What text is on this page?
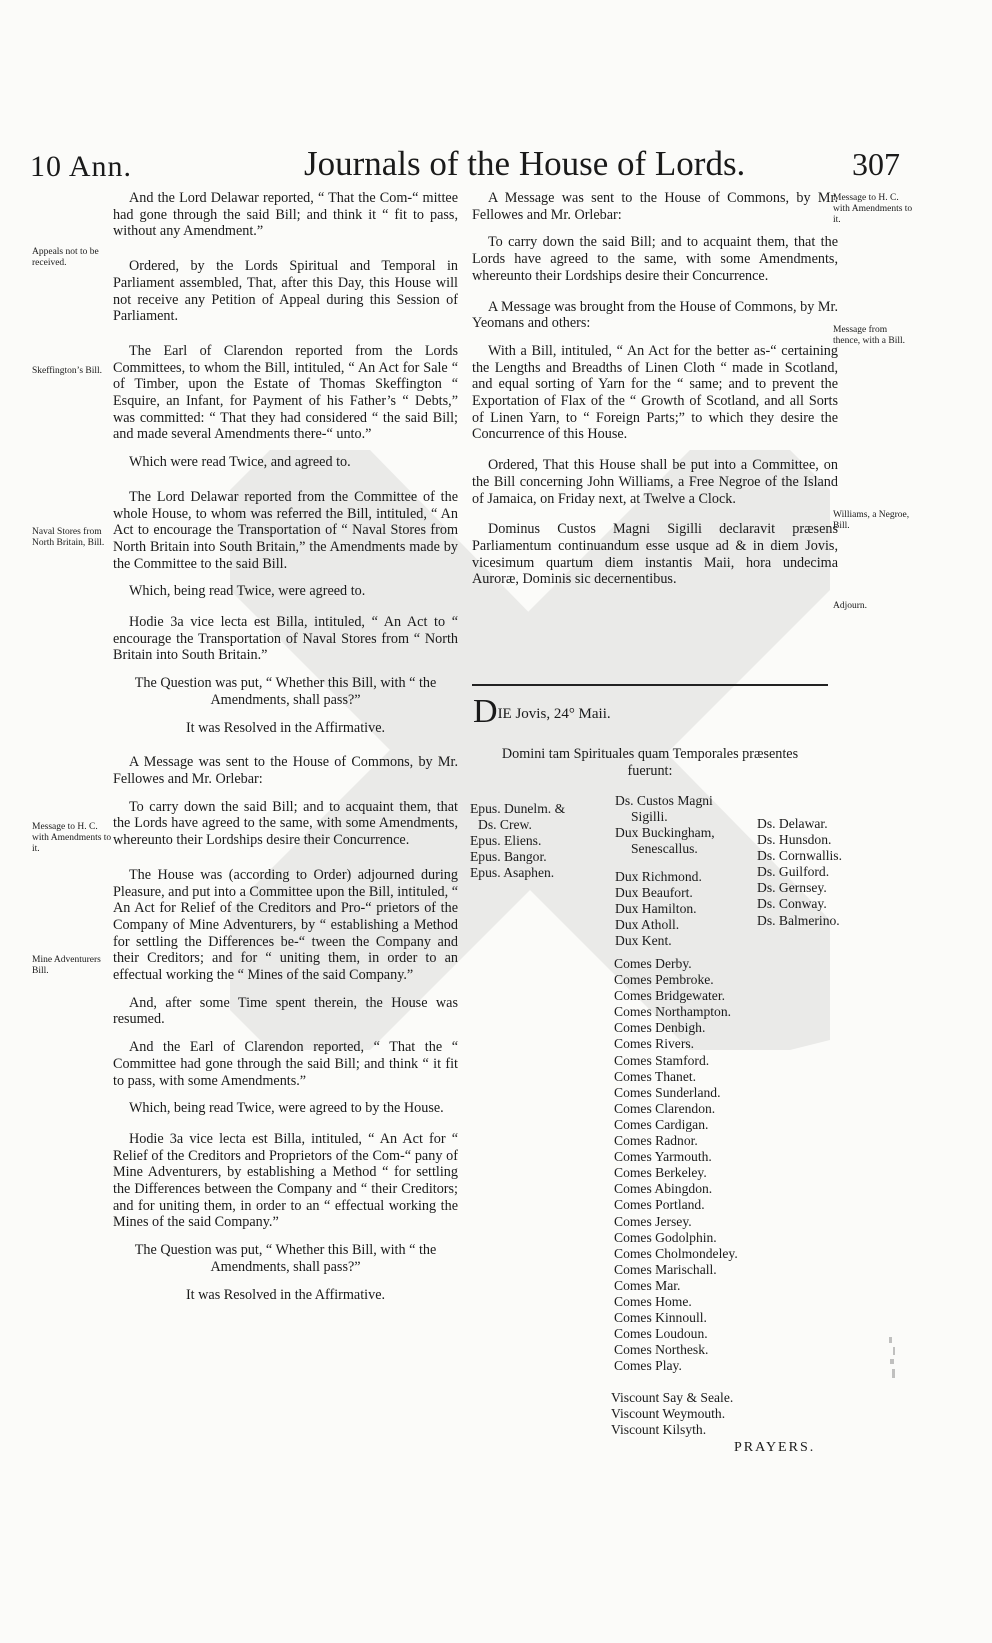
10 Ann.	Journals of the House of Lords.	307

And the Lord Delawar reported, “ That the Com-“ mittee had gone through the said Bill; and think it “ fit to pass, without any Amendment.”

Ordered, by the Lords Spiritual and Temporal in Parliament assembled, That, after this Day, this House will not receive any Petition of Appeal during this Session of Parliament.

The Earl of Clarendon reported from the Lords Committees, to whom the Bill, intituled, “ An Act for Sale “ of Timber, upon the Estate of Thomas Skeffington “ Esquire, an Infant, for Payment of his Father’s “ Debts,” was committed: “ That they had considered “ the said Bill; and made several Amendments there-“ unto.”

Which were read Twice, and agreed to.

The Lord Delawar reported from the Committee of the whole House, to whom was referred the Bill, intituled, “ An Act to encourage the Transportation of “ Naval Stores from North Britain into South Britain,” the Amendments made by the Committee to the said Bill.

Which, being read Twice, were agreed to.

Hodie 3a vice lecta est Billa, intituled, “ An Act to “ encourage the Transportation of Naval Stores from “ North Britain into South Britain.”

The Question was put, “ Whether this Bill, with “ the Amendments, shall pass?”

It was Resolved in the Affirmative.

A Message was sent to the House of Commons, by Mr. Fellowes and Mr. Orlebar:

To carry down the said Bill; and to acquaint them, that the Lords have agreed to the same, with some Amendments, whereunto their Lordships desire their Concurrence.

The House was (according to Order) adjourned during Pleasure, and put into a Committee upon the Bill, intituled, “ An Act for Relief of the Creditors and Pro-“ prietors of the Company of Mine Adventurers, by “ establishing a Method for settling the Differences be-“ tween the Company and their Creditors; and for “ uniting them, in order to an effectual working the “ Mines of the said Company.”

And, after some Time spent therein, the House was resumed.

And the Earl of Clarendon reported, “ That the “ Committee had gone through the said Bill; and think “ it fit to pass, with some Amendments.”

Which, being read Twice, were agreed to by the House.

Hodie 3a vice lecta est Billa, intituled, “ An Act for “ Relief of the Creditors and Proprietors of the Com-“ pany of Mine Adventurers, by establishing a Method “ for settling the Differences between the Company and “ their Creditors; and for uniting them, in order to an “ effectual working the Mines of the said Company.”

The Question was put, “ Whether this Bill, with “ the Amendments, shall pass?”

It was Resolved in the Affirmative.

A Message was sent to the House of Commons, by Mr. Fellowes and Mr. Orlebar:

To carry down the said Bill; and to acquaint them, that the Lords have agreed to the same, with some Amendments, whereunto their Lordships desire their Concurrence.

A Message was brought from the House of Commons, by Mr. Yeomans and others:

With a Bill, intituled, “ An Act for the better as-“ certaining the Lengths and Breadths of Linen Cloth “ made in Scotland, and equal sorting of Yarn for the “ same; and to prevent the Exportation of Flax of the “ Growth of Scotland, and all Sorts of Linen Yarn, to “ Foreign Parts;” to which they desire the Concurrence of this House.

Ordered, That this House shall be put into a Committee, on the Bill concerning John Williams, a Free Negroe of the Island of Jamaica, on Friday next, at Twelve a Clock.

Dominus Custos Magni Sigilli declaravit præsens Parliamentum continuandum esse usque ad & in diem Jovis, vicesimum quartum diem instantis Maii, hora undecima Auroræ, Dominis sic decernentibus.

Appeals not to be received.
Skeffington’s Bill.
Naval Stores from North Britain, Bill.
Message to H. C. with Amendments to it.
Mine Adventurers Bill.
Message to H. C. with Amendments to it.
Message from thence, with a Bill.
Williams, a Negroe, Bill.
Adjourn.
DIE Jovis, 24° Maii.
Domini tam Spirituales quam Temporales præsentes fuerunt:
Epus. Dunelm. &
Ds. Crew.
Epus. Eliens.
Epus. Bangor.
Epus. Asaphen.
Ds. Custos Magni
Sigilli.
Dux Buckingham,
Senescallus.
Dux Richmond.
Dux Beaufort.
Dux Hamilton.
Dux Atholl.
Dux Kent.
Comes Derby.
Comes Pembroke.
Comes Bridgewater.
Comes Northampton.
Comes Denbigh.
Comes Rivers.
Comes Stamford.
Comes Thanet.
Comes Sunderland.
Comes Clarendon.
Comes Cardigan.
Comes Radnor.
Comes Yarmouth.
Comes Berkeley.
Comes Abingdon.
Comes Portland.
Comes Jersey.
Comes Godolphin.
Comes Cholmondeley.
Comes Marischall.
Comes Mar.
Comes Home.
Comes Kinnoull.
Comes Loudoun.
Comes Northesk.
Comes Play.
Viscount Say & Seale.
Viscount Weymouth.
Viscount Kilsyth.
Ds. Delawar.
Ds. Hunsdon.
Ds. Cornwallis.
Ds. Guilford.
Ds. Gernsey.
Ds. Conway.
Ds. Balmerino.
PRAYERS.
